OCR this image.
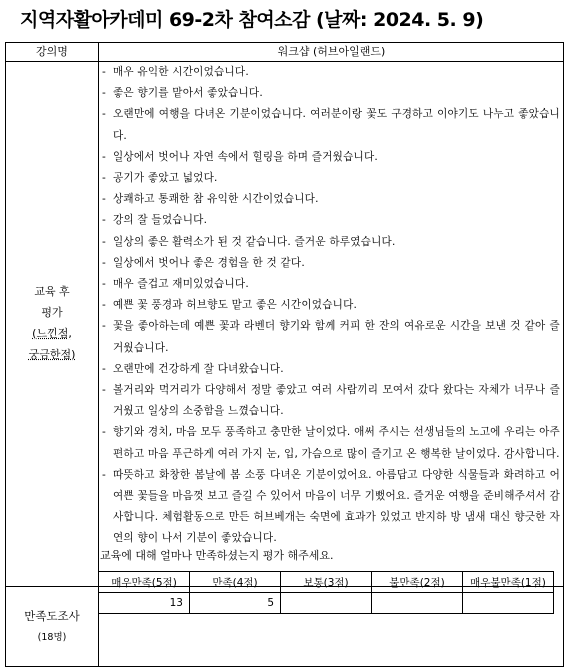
지역자활아카데미 69-2차 참여소감 (날짜: 2024. 5. 9)
강의명	워크샵 (허브아일랜드)
교육 후
평가
(느낀점,
궁금한점)
- 매우 유익한 시간이었습니다.
- 좋은 향기를 맡아서 좋았습니다.
- 오랜만에 여행을 다녀온 기분이었습니다. 여러분이랑 꽃도 구경하고 이야기도 나누고 좋았습니다.
- 일상에서 벗어나 자연 속에서 힐링을 하며 즐거웠습니다.
- 공기가 좋았고 넓었다.
- 상쾌하고 통쾌한 참 유익한 시간이었습니다.
- 강의 잘 들었습니다.
- 일상의 좋은 활력소가 된 것 같습니다. 즐거운 하루였습니다.
- 일상에서 벗어나 좋은 경험을 한 것 같다.
- 매우 즐겁고 재미있었습니다.
- 예쁜 꽃 풍경과 허브향도 맡고 좋은 시간이었습니다.
- 꽃을 좋아하는데 예쁜 꽃과 라벤더 향기와 함께 커피 한 잔의 여유로운 시간을 보낸 것 같아 즐거웠습니다.
- 오랜만에 건강하게 잘 다녀왔습니다.
- 볼거리와 먹거리가 다양해서 정말 좋았고 여러 사람끼리 모여서 갔다 왔다는 자체가 너무나 즐거웠고 일상의 소중함을 느꼈습니다.
- 향기와 경치, 마음 모두 풍족하고 충만한 날이었다. 애써 주시는 선생님들의 노고에 우리는 아주 편하고 마음 푸근하게 여러 가지 눈, 입, 가슴으로 많이 즐기고 온 행복한 날이었다. 감사합니다.
- 따뜻하고 화창한 봄날에 봄 소풍 다녀온 기분이었어요. 아름답고 다양한 식물들과 화려하고 어여쁜 꽃들을 마음껏 보고 즐길 수 있어서 마음이 너무 기뻤어요. 즐거운 여행을 준비해주셔서 감사합니다. 체험활동으로 만든 허브베개는 숙면에 효과가 있었고 반지하 방 냄새 대신 향긋한 자연의 향이 나서 기분이 좋았습니다.
만족도조사
(18명)
교육에 대해 얼마나 만족하셨는지 평가 해주세요.
매우만족(5점)	만족(4점)	보통(3점)	불만족(2점)	매우불만족(1점)
13	5			
